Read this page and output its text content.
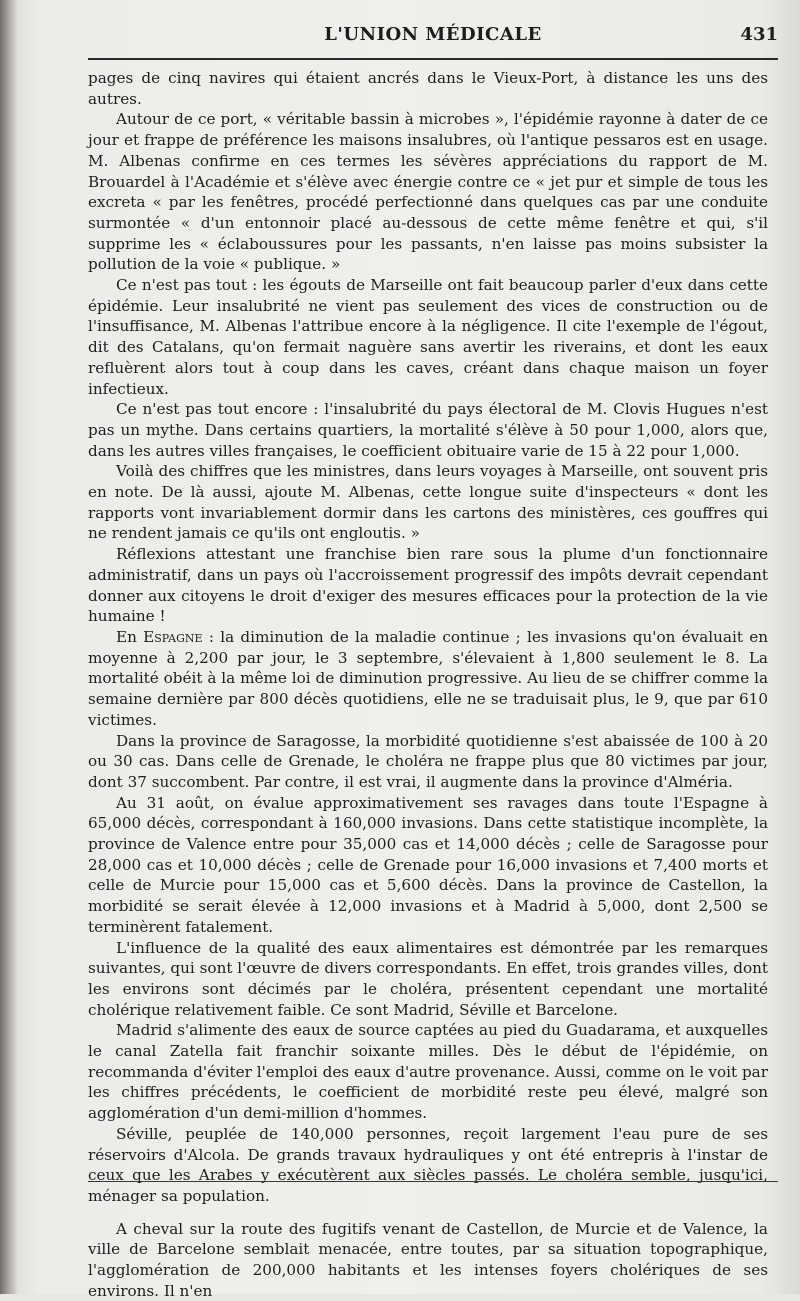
L'UNION MÉDICALE	431

pages de cinq navires qui étaient ancrés dans le Vieux-Port, à distance les uns des autres.

Autour de ce port, « véritable bassin à microbes », l'épidémie rayonne à dater de ce jour et frappe de préférence les maisons insalubres, où l'antique pessaros est en usage. M. Albenas confirme en ces termes les sévères appréciations du rapport de M. Brouardel à l'Académie et s'élève avec énergie contre ce « jet pur et simple de tous les excreta « par les fenêtres, procédé perfectionné dans quelques cas par une conduite surmontée « d'un entonnoir placé au-dessous de cette même fenêtre et qui, s'il supprime les « éclaboussures pour les passants, n'en laisse pas moins subsister la pollution de la voie « publique. »

Ce n'est pas tout : les égouts de Marseille ont fait beaucoup parler d'eux dans cette épidémie. Leur insalubrité ne vient pas seulement des vices de construction ou de l'insuffisance, M. Albenas l'attribue encore à la négligence. Il cite l'exemple de l'égout, dit des Catalans, qu'on fermait naguère sans avertir les riverains, et dont les eaux refluèrent alors tout à coup dans les caves, créant dans chaque maison un foyer infectieux.

Ce n'est pas tout encore : l'insalubrité du pays électoral de M. Clovis Hugues n'est pas un mythe. Dans certains quartiers, la mortalité s'élève à 50 pour 1,000, alors que, dans les autres villes françaises, le coefficient obituaire varie de 15 à 22 pour 1,000.

Voilà des chiffres que les ministres, dans leurs voyages à Marseille, ont souvent pris en note. De là aussi, ajoute M. Albenas, cette longue suite d'inspecteurs « dont les rapports vont invariablement dormir dans les cartons des ministères, ces gouffres qui ne rendent jamais ce qu'ils ont engloutis. »

Réflexions attestant une franchise bien rare sous la plume d'un fonctionnaire administratif, dans un pays où l'accroissement progressif des impôts devrait cependant donner aux citoyens le droit d'exiger des mesures efficaces pour la protection de la vie humaine !

En Espagne : la diminution de la maladie continue ; les invasions qu'on évaluait en moyenne à 2,200 par jour, le 3 septembre, s'élevaient à 1,800 seulement le 8. La mortalité obéit à la même loi de diminution progressive. Au lieu de se chiffrer comme la semaine dernière par 800 décès quotidiens, elle ne se traduisait plus, le 9, que par 610 victimes.

Dans la province de Saragosse, la morbidité quotidienne s'est abaissée de 100 à 20 ou 30 cas. Dans celle de Grenade, le choléra ne frappe plus que 80 victimes par jour, dont 37 succombent. Par contre, il est vrai, il augmente dans la province d'Alméria.

Au 31 août, on évalue approximativement ses ravages dans toute l'Espagne à 65,000 décès, correspondant à 160,000 invasions. Dans cette statistique incomplète, la province de Valence entre pour 35,000 cas et 14,000 décès ; celle de Saragosse pour 28,000 cas et 10,000 décès ; celle de Grenade pour 16,000 invasions et 7,400 morts et celle de Murcie pour 15,000 cas et 5,600 décès. Dans la province de Castellon, la morbidité se serait élevée à 12,000 invasions et à Madrid à 5,000, dont 2,500 se terminèrent fatalement.

L'influence de la qualité des eaux alimentaires est démontrée par les remarques suivantes, qui sont l'œuvre de divers correspondants. En effet, trois grandes villes, dont les environs sont décimés par le choléra, présentent cependant une mortalité cholérique relativement faible. Ce sont Madrid, Séville et Barcelone.

Madrid s'alimente des eaux de source captées au pied du Guadarama, et auxquelles le canal Zatella fait franchir soixante milles. Dès le début de l'épidémie, on recommanda d'éviter l'emploi des eaux d'autre provenance. Aussi, comme on le voit par les chiffres précédents, le coefficient de morbidité reste peu élevé, malgré son agglomération d'un demi-million d'hommes.

Séville, peuplée de 140,000 personnes, reçoit largement l'eau pure de ses réservoirs d'Alcola. De grands travaux hydrauliques y ont été entrepris à l'instar de ceux que les Arabes y exécutèrent aux siècles passés. Le choléra semble, jusqu'ici, ménager sa population.

A cheval sur la route des fugitifs venant de Castellon, de Murcie et de Valence, la ville de Barcelone semblait menacée, entre toutes, par sa situation topographique, l'agglomération de 200,000 habitants et les intenses foyers cholériques de ses environs. Il n'en
